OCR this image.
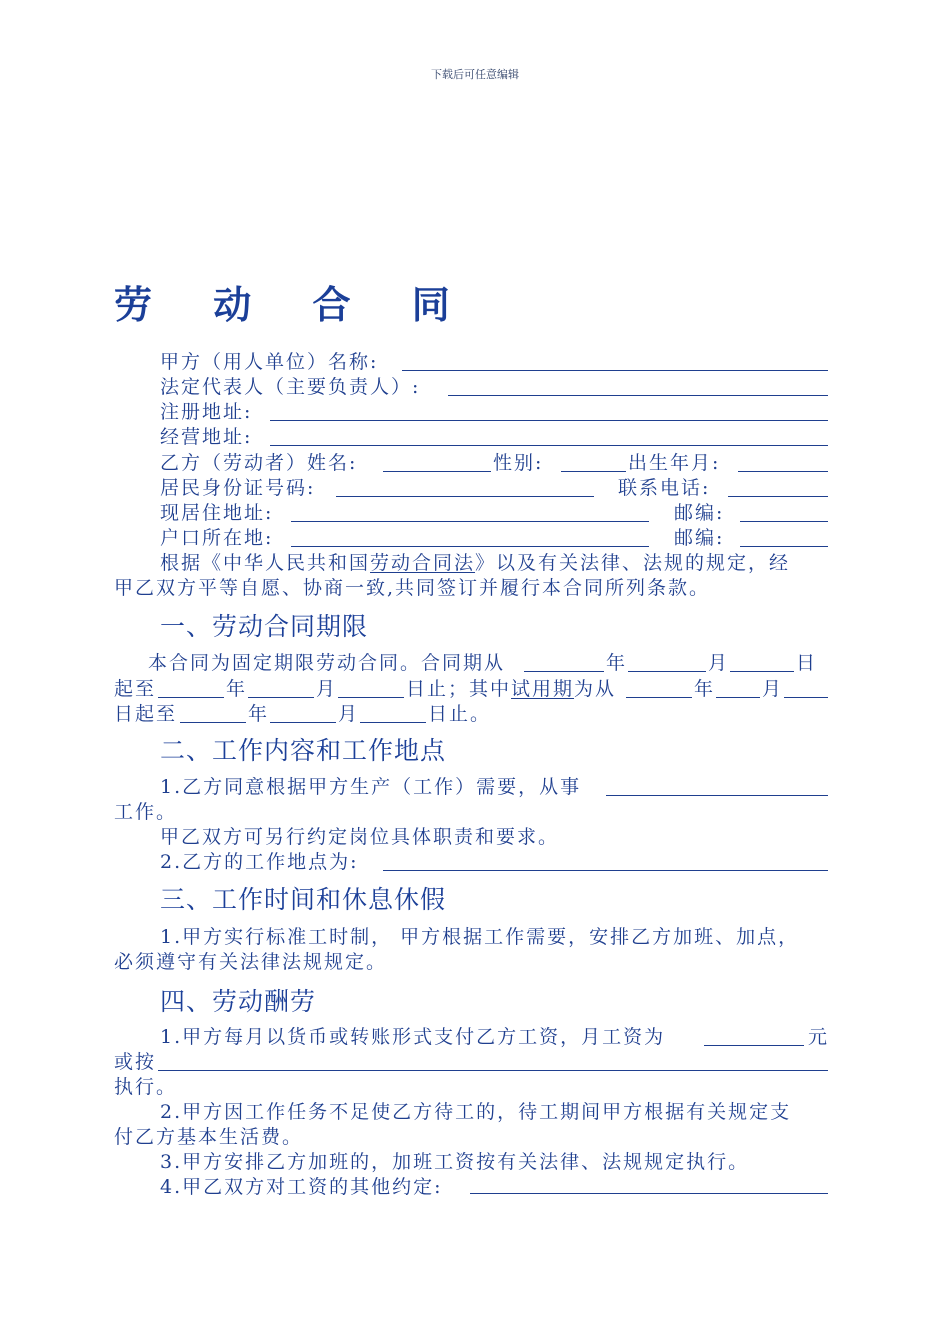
下载后可任意编辑
劳 动 合 同
甲方（用人单位）名称:
法定代表人（主要负责人）:
注册地址:
经营地址:
乙方（劳动者）姓名:	性别:	出生年月:
居民身份证号码:	联系电话:
现居住地址:	邮编:
户口所在地:	邮编:
根据《中华人民共和国劳动合同法》以及有关法律、法规的规定，经
甲乙双方平等自愿、协商一致,共同签订并履行本合同所列条款。
一、劳动合同期限
本合同为固定期限劳动合同。合同期从	年	月	日
起至	年	月	日止；其中试用期为从	年 月
日起至	年	月	日止。
二、工作内容和工作地点
1.乙方同意根据甲方生产（工作）需要，从事
工作。
甲乙双方可另行约定岗位具体职责和要求。
2.乙方的工作地点为:
三、工作时间和休息休假
1.甲方实行标准工时制， 甲方根据工作需要，安排乙方加班、加点，
必须遵守有关法律法规规定。
四、劳动酬劳
1.甲方每月以货币或转账形式支付乙方工资，月工资为	元
或按
执行。
2.甲方因工作任务不足使乙方待工的，待工期间甲方根据有关规定支
付乙方基本生活费。
3.甲方安排乙方加班的，加班工资按有关法律、法规规定执行。
4.甲乙双方对工资的其他约定:
